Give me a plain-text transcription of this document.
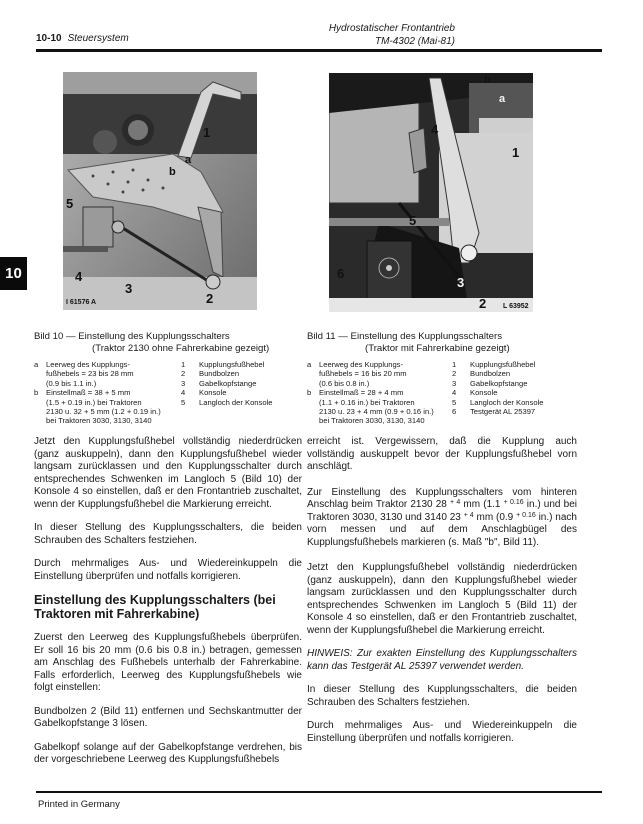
10-10 Steuersystem
Hydrostatischer Frontantrieb
TM-4302 (Mai-81)
10
1
a
b
5
4
3
2
I 61576 A
b
a
1
4
5
6
3
2 L 63952
Bild 10 — Einstellung des Kupplungsschalters
(Traktor 2130 ohne Fahrerkabine gezeigt)
a	Leerweg des Kupplungs-
fußhebels = 23 bis 28 mm
(0.9 bis 1.1 in.)
b	Einstellmaß = 38 + 5 mm
(1.5 + 0.19 in.) bei Traktoren
2130 u. 32 + 5 mm (1.2 + 0.19 in.)
bei Traktoren 3030, 3130, 3140
1	Kupplungsfußhebel
2	Bundbolzen
3	Gabelkopfstange
4	Konsole
5	Langloch der Konsole
Bild 11 — Einstellung des Kupplungsschalters
(Traktor mit Fahrerkabine gezeigt)
a	Leerweg des Kupplungs-
fußhebels = 16 bis 20 mm
(0.6 bis 0.8 in.)
b	Einstellmaß = 28 + 4 mm
(1.1 + 0.16 in.) bei Traktoren
2130 u. 23 + 4 mm (0.9 + 0.16 in.)
bei Traktoren 3030, 3130, 3140
1	Kupplungsfußhebel
2	Bundbolzen
3	Gabelkopfstange
4	Konsole
5	Langloch der Konsole
6	Testgerät AL 25397

Jetzt den Kupplungsfußhebel vollständig niederdrücken (ganz auskuppeln), dann den Kupplungsfußhebel wieder langsam zurücklassen und den Kupplungsschalter durch entsprechendes Schwenken im Langloch 5 (Bild 10) der Konsole 4 so einstellen, daß er den Frontantrieb zuschaltet, wenn der Kupplungsfußhebel die Markierung erreicht.

In dieser Stellung des Kupplungsschalters, die beiden Schrauben des Schalters festziehen.

Durch mehrmaliges Aus- und Wiedereinkuppeln die Einstellung überprüfen und notfalls korrigieren.

Einstellung des Kupplungsschalters (bei Traktoren mit Fahrerkabine)

Zuerst den Leerweg des Kupplungsfußhebels überprüfen. Er soll 16 bis 20 mm (0.6 bis 0.8 in.) betragen, gemessen am Anschlag des Fußhebels unterhalb der Fahrerkabine. Falls erforderlich, Leerweg des Kupplungsfußhebels wie folgt einstellen:

Bundbolzen 2 (Bild 11) entfernen und Sechskantmutter der Gabelkopfstange 3 lösen.

Gabelkopf solange auf der Gabelkopfstange verdrehen, bis der vorgeschriebene Leerweg des Kupplungsfußhebels

erreicht ist. Vergewissern, daß die Kupplung auch vollständig auskuppelt bevor der Kupplungsfußhebel vorn anschlägt.

Zur Einstellung des Kupplungsschalters vom hinteren Anschlag beim Traktor 2130 28 $^{+ 4}$ mm (1.1 $^{+ 0.16}$ in.) und bei Traktoren 3030, 3130 und 3140 23 $^{+ 4}$ mm (0.9 $^{+ 0.16}$ in.) nach vorn messen und auf dem Anschlagbügel des Kupplungsfußhebels markieren (s. Maß "b", Bild 11).

Jetzt den Kupplungsfußhebel vollständig niederdrücken (ganz auskuppeln), dann den Kupplungsfußhebel wieder langsam zurücklassen und den Kupplungsschalter durch entsprechendes Schwenken im Langloch 5 (Bild 11) der Konsole 4 so einstellen, daß er den Frontantrieb zuschaltet, wenn der Kupplungsfußhebel die Markierung erreicht.

HINWEIS: Zur exakten Einstellung des Kupplungsschalters kann das Testgerät AL 25397 verwendet werden.

In dieser Stellung des Kupplungsschalters, die beiden Schrauben des Schalters festziehen.

Durch mehrmaliges Aus- und Wiedereinkuppeln die Einstellung überprüfen und notfalls korrigieren.

Printed in Germany
